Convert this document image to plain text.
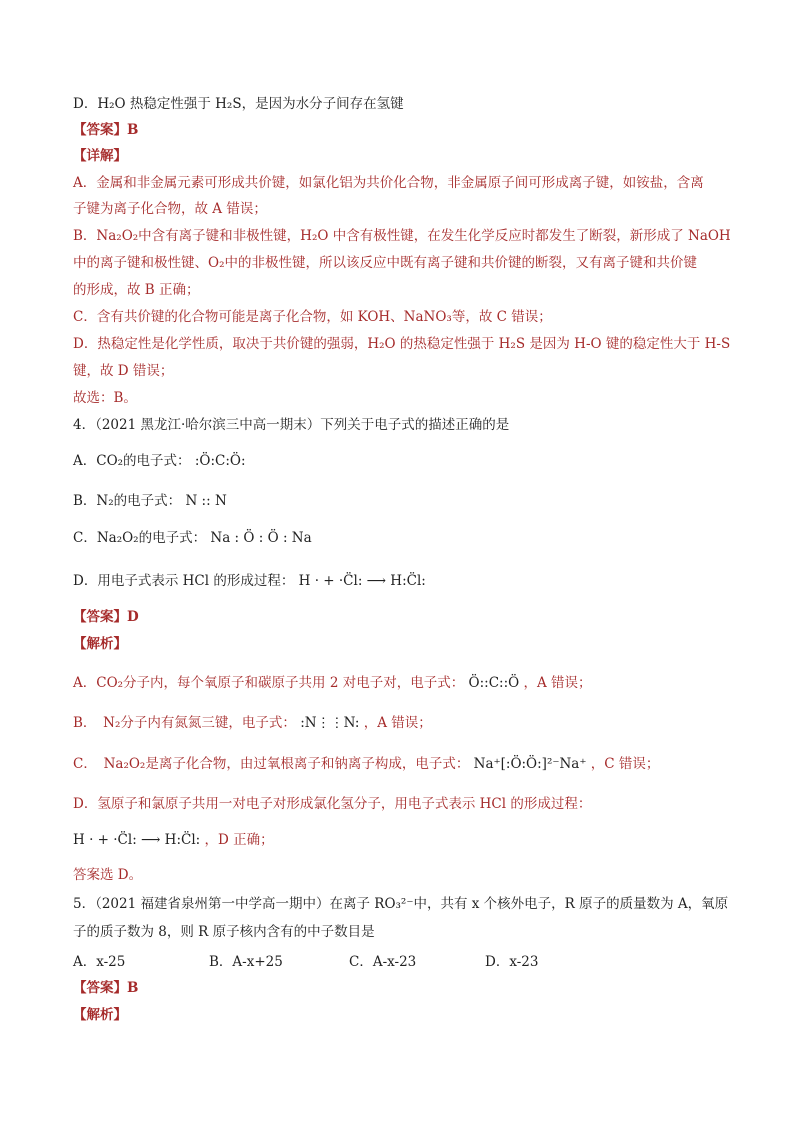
D．H₂O 热稳定性强于 H₂S，是因为水分子间存在氢键
【答案】B
【详解】
A．金属和非金属元素可形成共价键，如氯化铝为共价化合物，非金属原子间可形成离子键，如铵盐，含离
子键为离子化合物，故 A 错误；
B．Na₂O₂中含有离子键和非极性键，H₂O 中含有极性键，在发生化学反应时都发生了断裂，新形成了 NaOH
中的离子键和极性键、O₂中的非极性键，所以该反应中既有离子键和共价键的断裂，又有离子键和共价键
的形成，故 B 正确；
C．含有共价键的化合物可能是离子化合物，如 KOH、NaNO₃等，故 C 错误；
D．热稳定性是化学性质，取决于共价键的强弱，H₂O 的热稳定性强于 H₂S 是因为 H-O 键的稳定性大于 H-S
键，故 D 错误；
故选：B。
4．（2021 黑龙江·哈尔滨三中高一期末）下列关于电子式的描述正确的是
A．CO₂的电子式： :Ö:C:Ö:
B．N₂的电子式： N :: N
C．Na₂O₂的电子式： Na : Ö : Ö : Na
D．用电子式表示 HCl 的形成过程： H · + ·C̈l: ⟶ H:C̈l:
【答案】D
【解析】
A．CO₂分子内，每个氧原子和碳原子共用 2 对电子对，电子式： Ö::C::Ö ，A 错误；
B．　N₂分子内有氮氮三键，电子式： :N⋮⋮N: ，A 错误；
C．　Na₂O₂是离子化合物，由过氧根离子和钠离子构成，电子式： Na⁺[:Ö:Ö:]²⁻Na⁺ ，C 错误；
D．氢原子和氯原子共用一对电子对形成氯化氢分子，用电子式表示 HCl 的形成过程：
H · + ·C̈l: ⟶ H:C̈l: ，D 正确；
答案选 D。
5．（2021 福建省泉州第一中学高一期中）在离子 RO₃²⁻中，共有 x 个核外电子，R 原子的质量数为 A，氧原
子的质子数为 8，则 R 原子核内含有的中子数目是
A．x-25	B．A-x+25	C．A-x-23	D．x-23
【答案】B
【解析】
